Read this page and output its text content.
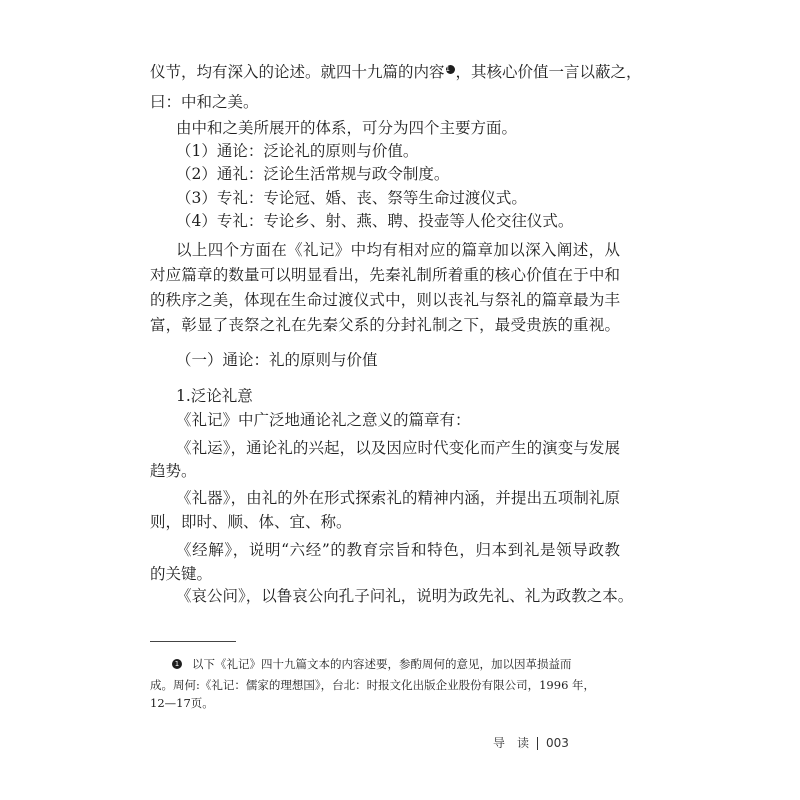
仪节，均有深入的论述。就四十九篇的内容1 ，其核心价值一言以蔽之，
曰：中和之美。
由中和之美所展开的体系，可分为四个主要方面。
（1）通论：泛论礼的原则与价值。
（2）通礼：泛论生活常规与政令制度。
（3）专礼：专论冠、婚、丧、祭等生命过渡仪式。
（4）专礼：专论乡、射、燕、聘、投壶等人伦交往仪式。
以上四个方面在《礼记》中均有相对应的篇章加以深入阐述，从
对应篇章的数量可以明显看出，先秦礼制所着重的核心价值在于中和
的秩序之美，体现在生命过渡仪式中，则以丧礼与祭礼的篇章最为丰
富，彰显了丧祭之礼在先秦父系的分封礼制之下，最受贵族的重视。
（一）通论：礼的原则与价值
1.泛论礼意
《礼记》中广泛地通论礼之意义的篇章有：
《礼运》，通论礼的兴起，以及因应时代变化而产生的演变与发展
趋势。
《礼器》，由礼的外在形式探索礼的精神内涵，并提出五项制礼原
则，即时、顺、体、宜、称。
《经解》，说明“六经”的教育宗旨和特色，归本到礼是领导政教
的关键。
《哀公问》，以鲁哀公向孔子问礼，说明为政先礼、礼为政教之本。
1 以下《礼记》四十九篇文本的内容述要，参酌周何的意见，加以因革损益而
成。周何:《礼记：儒家的理想国》，台北：时报文化出版企业股份有限公司，1996 年，
12—17页。
导　读 003
